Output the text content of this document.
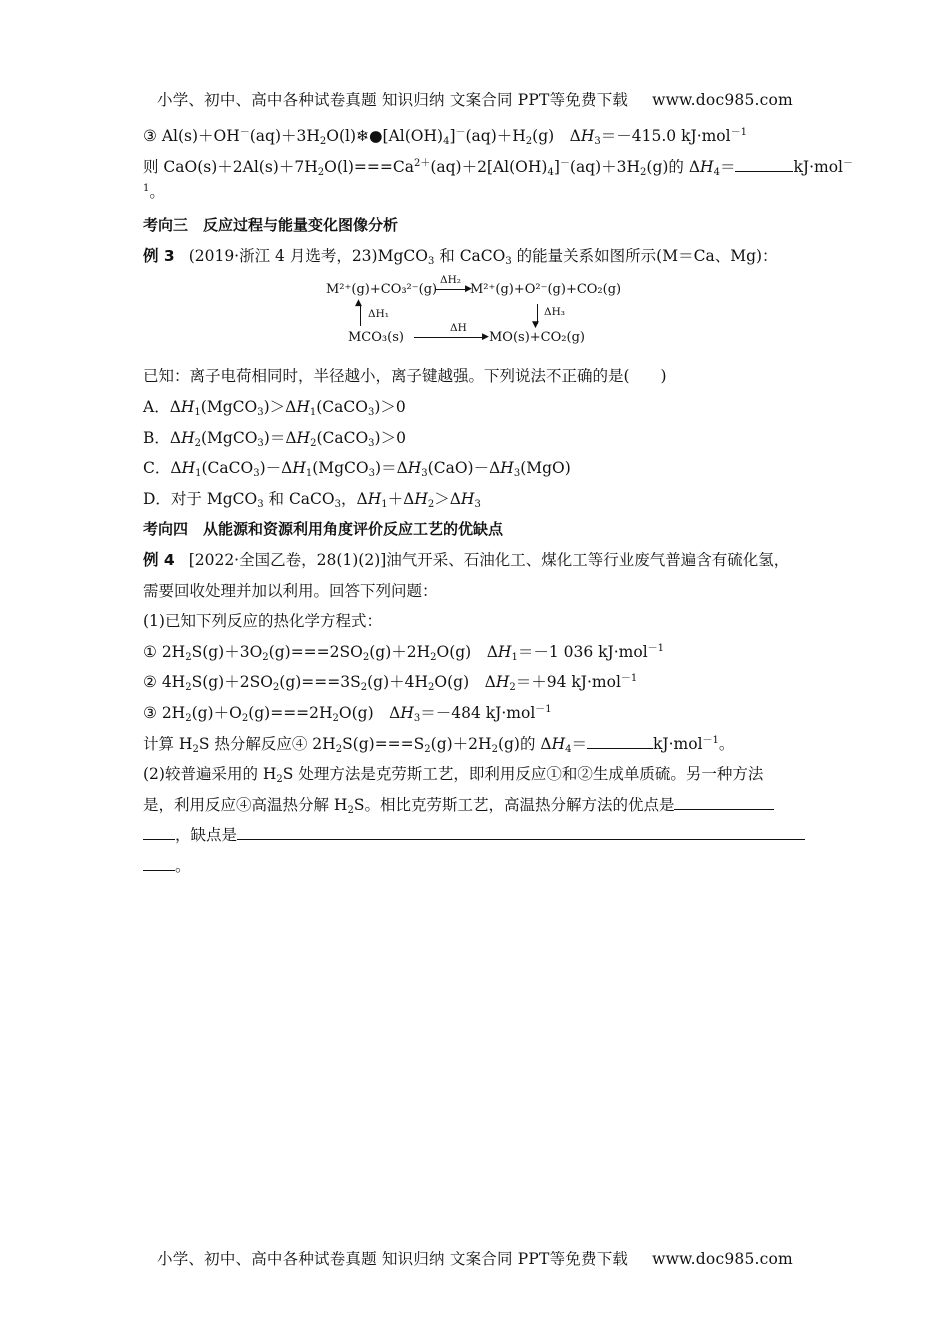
小学、初中、高中各种试卷真题 知识归纳 文案合同 PPT等免费下载 www.doc985.com
③ $Al(s)+OH^-(aq)+3H_2O(l)❄●[Al(OH)_4]^-(aq)+H_2(g)$　$\Delta H_3=-415.0$ kJ·mol$^{-1}$
则 $CaO(s)+2Al(s)+7H_2O(l)===Ca^{2+}(aq)+2[Al(OH)_4]^-(aq)+3H_2(g)$的 $\Delta H_4=$	kJ·mol－
$^1$。
考向三　反应过程与能量变化图像分析
例 3 (2019·浙江 4 月选考，23)MgCO$_3$ 和 CaCO$_3$ 的能量关系如图所示(M＝Ca、Mg)：
已知：离子电荷相同时，半径越小，离子键越强。下列说法不正确的是(　　)
A．$\Delta H_1(MgCO_3)>\Delta H_1(CaCO_3)>0$
B．$\Delta H_2(MgCO_3)=\Delta H_2(CaCO_3)>0$
C．$\Delta H_1(CaCO_3)-\Delta H_1(MgCO_3)=\Delta H_3(CaO)-\Delta H_3(MgO)$
D．对于 MgCO$_3$ 和 CaCO$_3$，$\Delta H_1+\Delta H_2>\Delta H_3$
考向四　从能源和资源利用角度评价反应工艺的优缺点
例 4 [2022·全国乙卷，28(1)(2)]油气开采、石油化工、煤化工等行业废气普遍含有硫化氢，
需要回收处理并加以利用。回答下列问题：
(1)已知下列反应的热化学方程式：
① $2H_2S(g)+3O_2(g)===2SO_2(g)+2H_2O(g)$　$\Delta H_1=-1$ 036 kJ·mol$^{-1}$
② $4H_2S(g)+2SO_2(g)===3S_2(g)+4H_2O(g)$　$\Delta H_2=+94$ kJ·mol$^{-1}$
③ $2H_2(g)+O_2(g)===2H_2O(g)$　$\Delta H_3=-484$ kJ·mol$^{-1}$
计算 $H_2S$ 热分解反应④ $2H_2S(g)===S_2(g)+2H_2(g)$的 $\Delta H_4=$	kJ·mol$^{-1}$。
(2)较普遍采用的 $H_2S$ 处理方法是克劳斯工艺，即利用反应①和②生成单质硫。另一种方法
是，利用反应④高温热分解 $H_2S$。相比克劳斯工艺，高温热分解方法的优点是
，缺点是
。
M²⁺(g)+CO₃²⁻(g)
ΔH₂
▶
M²⁺(g)+O²⁻(g)+CO₂(g)
▲
ΔH₁
▼
ΔH₃
MCO₃(s)
ΔH
▶ MO(s)+CO₂(g)
小学、初中、高中各种试卷真题 知识归纳 文案合同 PPT等免费下载 www.doc985.com
